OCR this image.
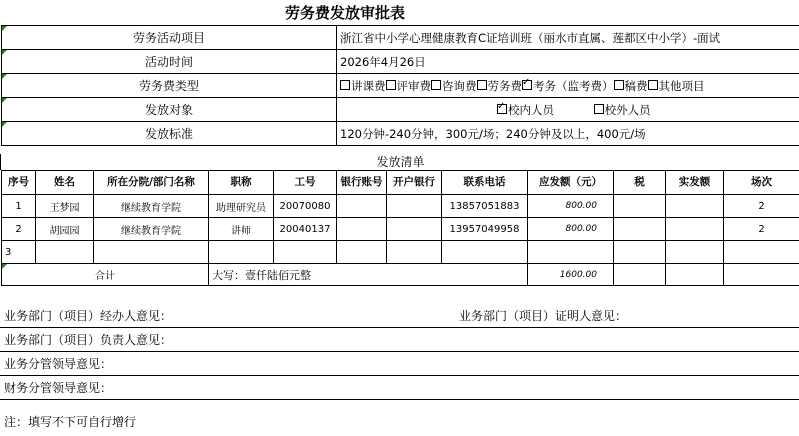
劳务费发放审批表
劳务活动项目	浙江省中小学心理健康教育C证培训班（丽水市直属、莲都区中小学）-面试
活动时间	2026年4月26日
劳务费类型	讲课费 评审费 咨询费 劳务费 ✓ 考务（监考费） 稿费 其他项目
发放对象	✓校内人员 校外人员
发放标准	120分钟-240分钟，300元/场；240分钟及以上，400元/场
发放清单
序号	姓名	所在分院/部门名称	职称	工号	银行账号	开户银行	联系电话	应发额（元）	税	实发额	场次
1	王梦园	继续教育学院	助理研究员	20070080			13857051883	800.00			2
2	胡园园	继续教育学院	讲师	20040137			13957049958	800.00			2
3											
合计			大写：壹仟陆佰元整					1600.00			
业务部门（项目）经办人意见：	业务部门（项目）证明人意见：
业务部门（项目）负责人意见：
业务分管领导意见：
财务分管领导意见：
注：填写不下可自行增行
